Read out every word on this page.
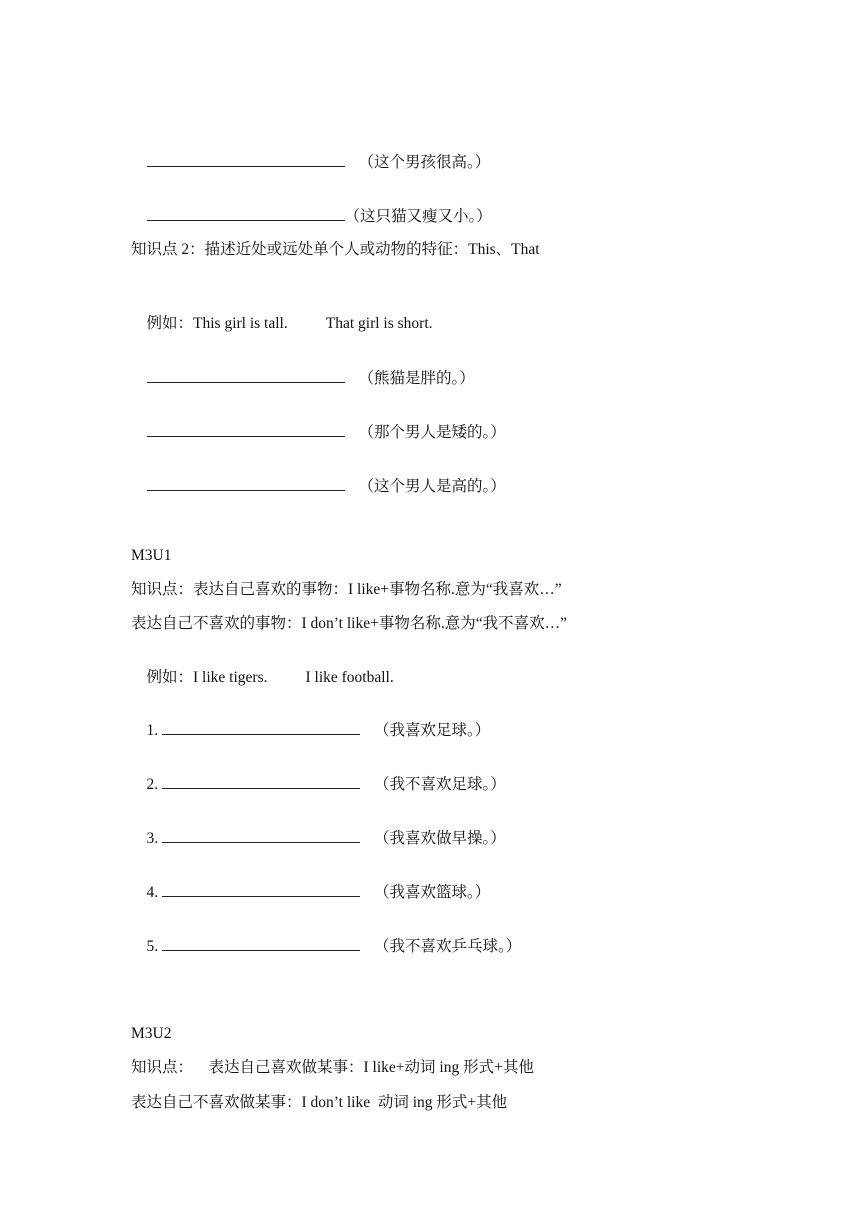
（这个男孩很高。）

（这只猫又瘦又小。）

知识点 2：描述近处或远处单个人或动物的特征：This、That

例如：This girl is tall. That girl is short.

（熊猫是胖的。）

（那个男人是矮的。）

（这个男人是高的。）

M3U1
知识点：表达自己喜欢的事物：I like+事物名称.意为“我喜欢…”
表达自己不喜欢的事物：I don’t like+事物名称.意为“我不喜欢…”

例如：I like tigers. I like football.

1.	（我喜欢足球。）

2.	（我不喜欢足球。）

3.	（我喜欢做早操。）

4.	（我喜欢篮球。）

5.	（我不喜欢乒乓球。）

M3U2
知识点：    表达自己喜欢做某事：I like+动词 ing 形式+其他
表达自己不喜欢做某事：I don’t like  动词 ing 形式+其他
